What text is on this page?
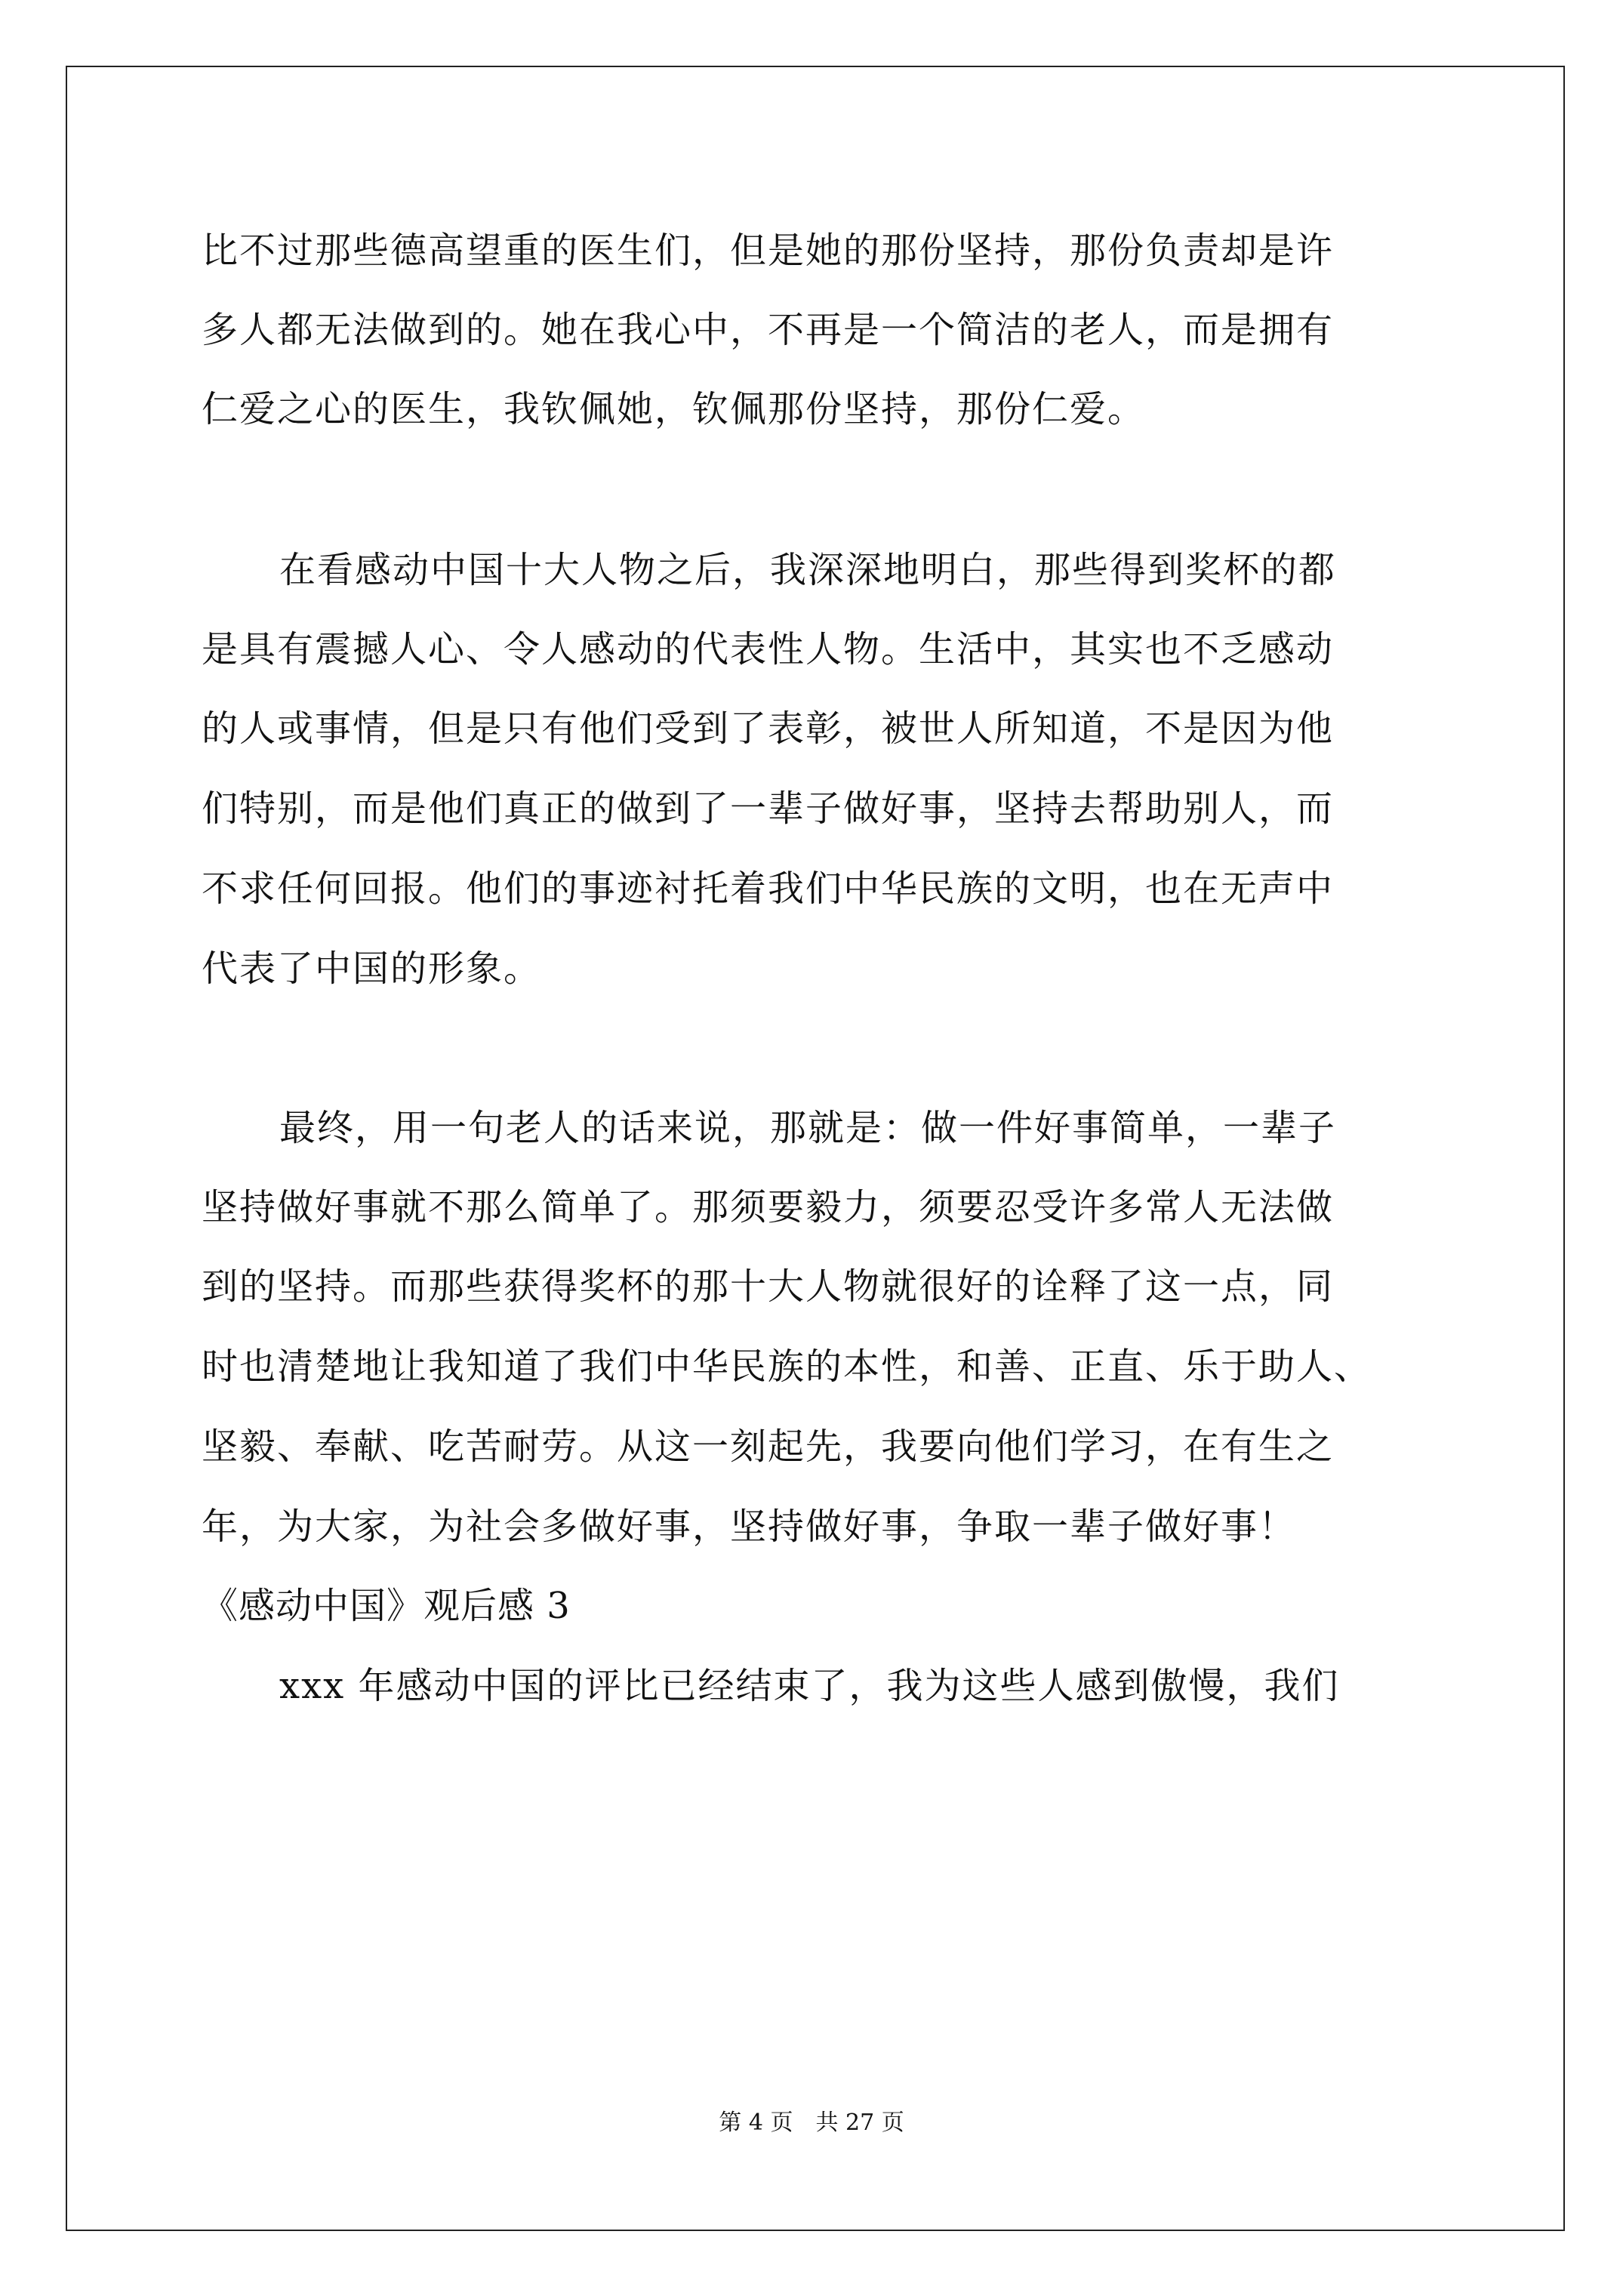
比不过那些德高望重的医生们，但是她的那份坚持，那份负责却是许
多人都无法做到的。她在我心中，不再是一个简洁的老人，而是拥有
仁爱之心的医生，我钦佩她，钦佩那份坚持，那份仁爱。
在看感动中国十大人物之后，我深深地明白，那些得到奖杯的都
是具有震撼人心、令人感动的代表性人物。生活中，其实也不乏感动
的人或事情，但是只有他们受到了表彰，被世人所知道，不是因为他
们特别，而是他们真正的做到了一辈子做好事，坚持去帮助别人，而
不求任何回报。他们的事迹衬托着我们中华民族的文明，也在无声中
代表了中国的形象。
最终，用一句老人的话来说，那就是：做一件好事简单，一辈子
坚持做好事就不那么简单了。那须要毅力，须要忍受许多常人无法做
到的坚持。而那些获得奖杯的那十大人物就很好的诠释了这一点，同
时也清楚地让我知道了我们中华民族的本性，和善、正直、乐于助人、
坚毅、奉献、吃苦耐劳。从这一刻起先，我要向他们学习，在有生之
年，为大家，为社会多做好事，坚持做好事，争取一辈子做好事！
《感动中国》观后感 3
xxx 年感动中国的评比已经结束了，我为这些人感到傲慢，我们
第 4 页 共 27 页
